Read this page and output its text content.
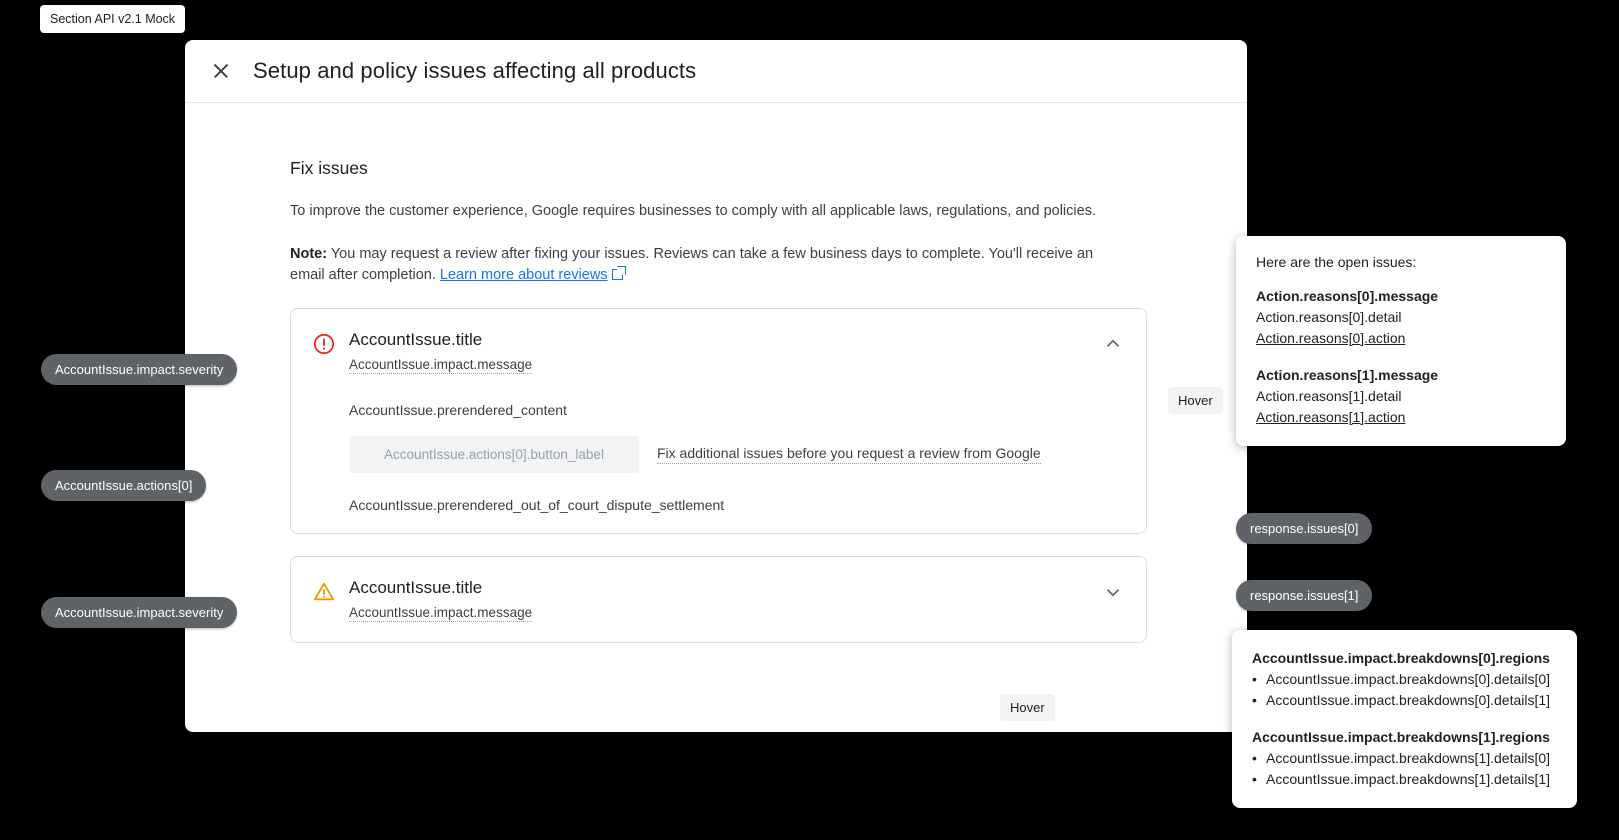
Section API v2.1 Mock
Setup and policy issues affecting all products
Fix issues

To improve the customer experience, Google requires businesses to comply with all applicable laws, regulations, and policies.

Note: You may request a review after fixing your issues. Reviews can take a few business days to complete. You'll receive an email after completion. Learn more about reviews

AccountIssue.title
AccountIssue.impact.message
AccountIssue.prerendered_content
AccountIssue.actions[0].button_label	Fix additional issues before you request a review from Google
AccountIssue.prerendered_out_of_court_dispute_settlement
AccountIssue.title
AccountIssue.impact.message
AccountIssue.impact.severity
AccountIssue.actions[0]
AccountIssue.impact.severity
response.issues[0]
response.issues[1]
Hover
Hover
Here are the open issues:
Action.reasons[0].message
Action.reasons[0].detail
Action.reasons[0].action
Action.reasons[1].message
Action.reasons[1].detail
Action.reasons[1].action
AccountIssue.impact.breakdowns[0].regions
• AccountIssue.impact.breakdowns[0].details[0]
• AccountIssue.impact.breakdowns[0].details[1]
AccountIssue.impact.breakdowns[1].regions
• AccountIssue.impact.breakdowns[1].details[0]
• AccountIssue.impact.breakdowns[1].details[1]
